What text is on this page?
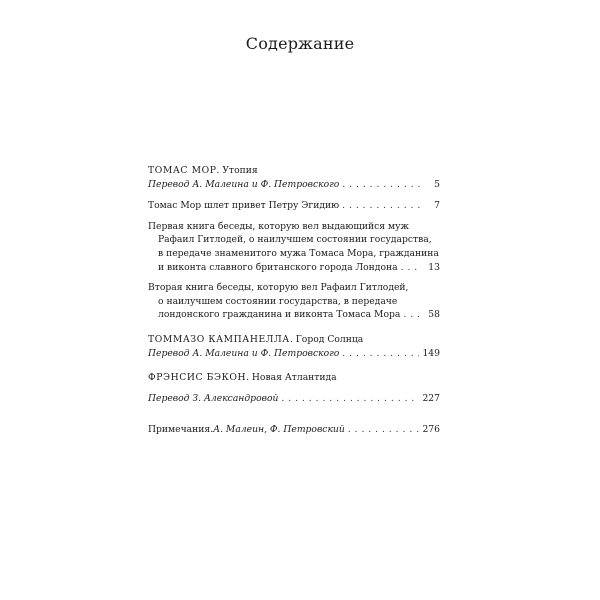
Содержание
ТОМАС МОР. Утопия
Перевод А. Малеина и Ф. Петровского . . .	5
Томас Мор шлет привет Петру Эгидию . . .	7
Первая книга беседы, которую вел выдающийся муж
Рафаил Гитлодей, о наилучшем состоянии государства,
в передаче знаменитого мужа Томаса Мора, гражданина
и виконта славного британского города Лондона . . .	13
Вторая книга беседы, которую вел Рафаил Гитлодей,
о наилучшем состоянии государства, в передаче
лондонского гражданина и виконта Томаса Мора . . .	58
ТОММАЗО КАМПАНЕЛЛА. Город Солнца
Перевод А. Малеина и Ф. Петровского . . .	149
ФРЭНСИС БЭКОН. Новая Атлантида
Перевод З. Александровой . . .	227
Примечания. А. Малеин, Ф. Петровский . . .	276
